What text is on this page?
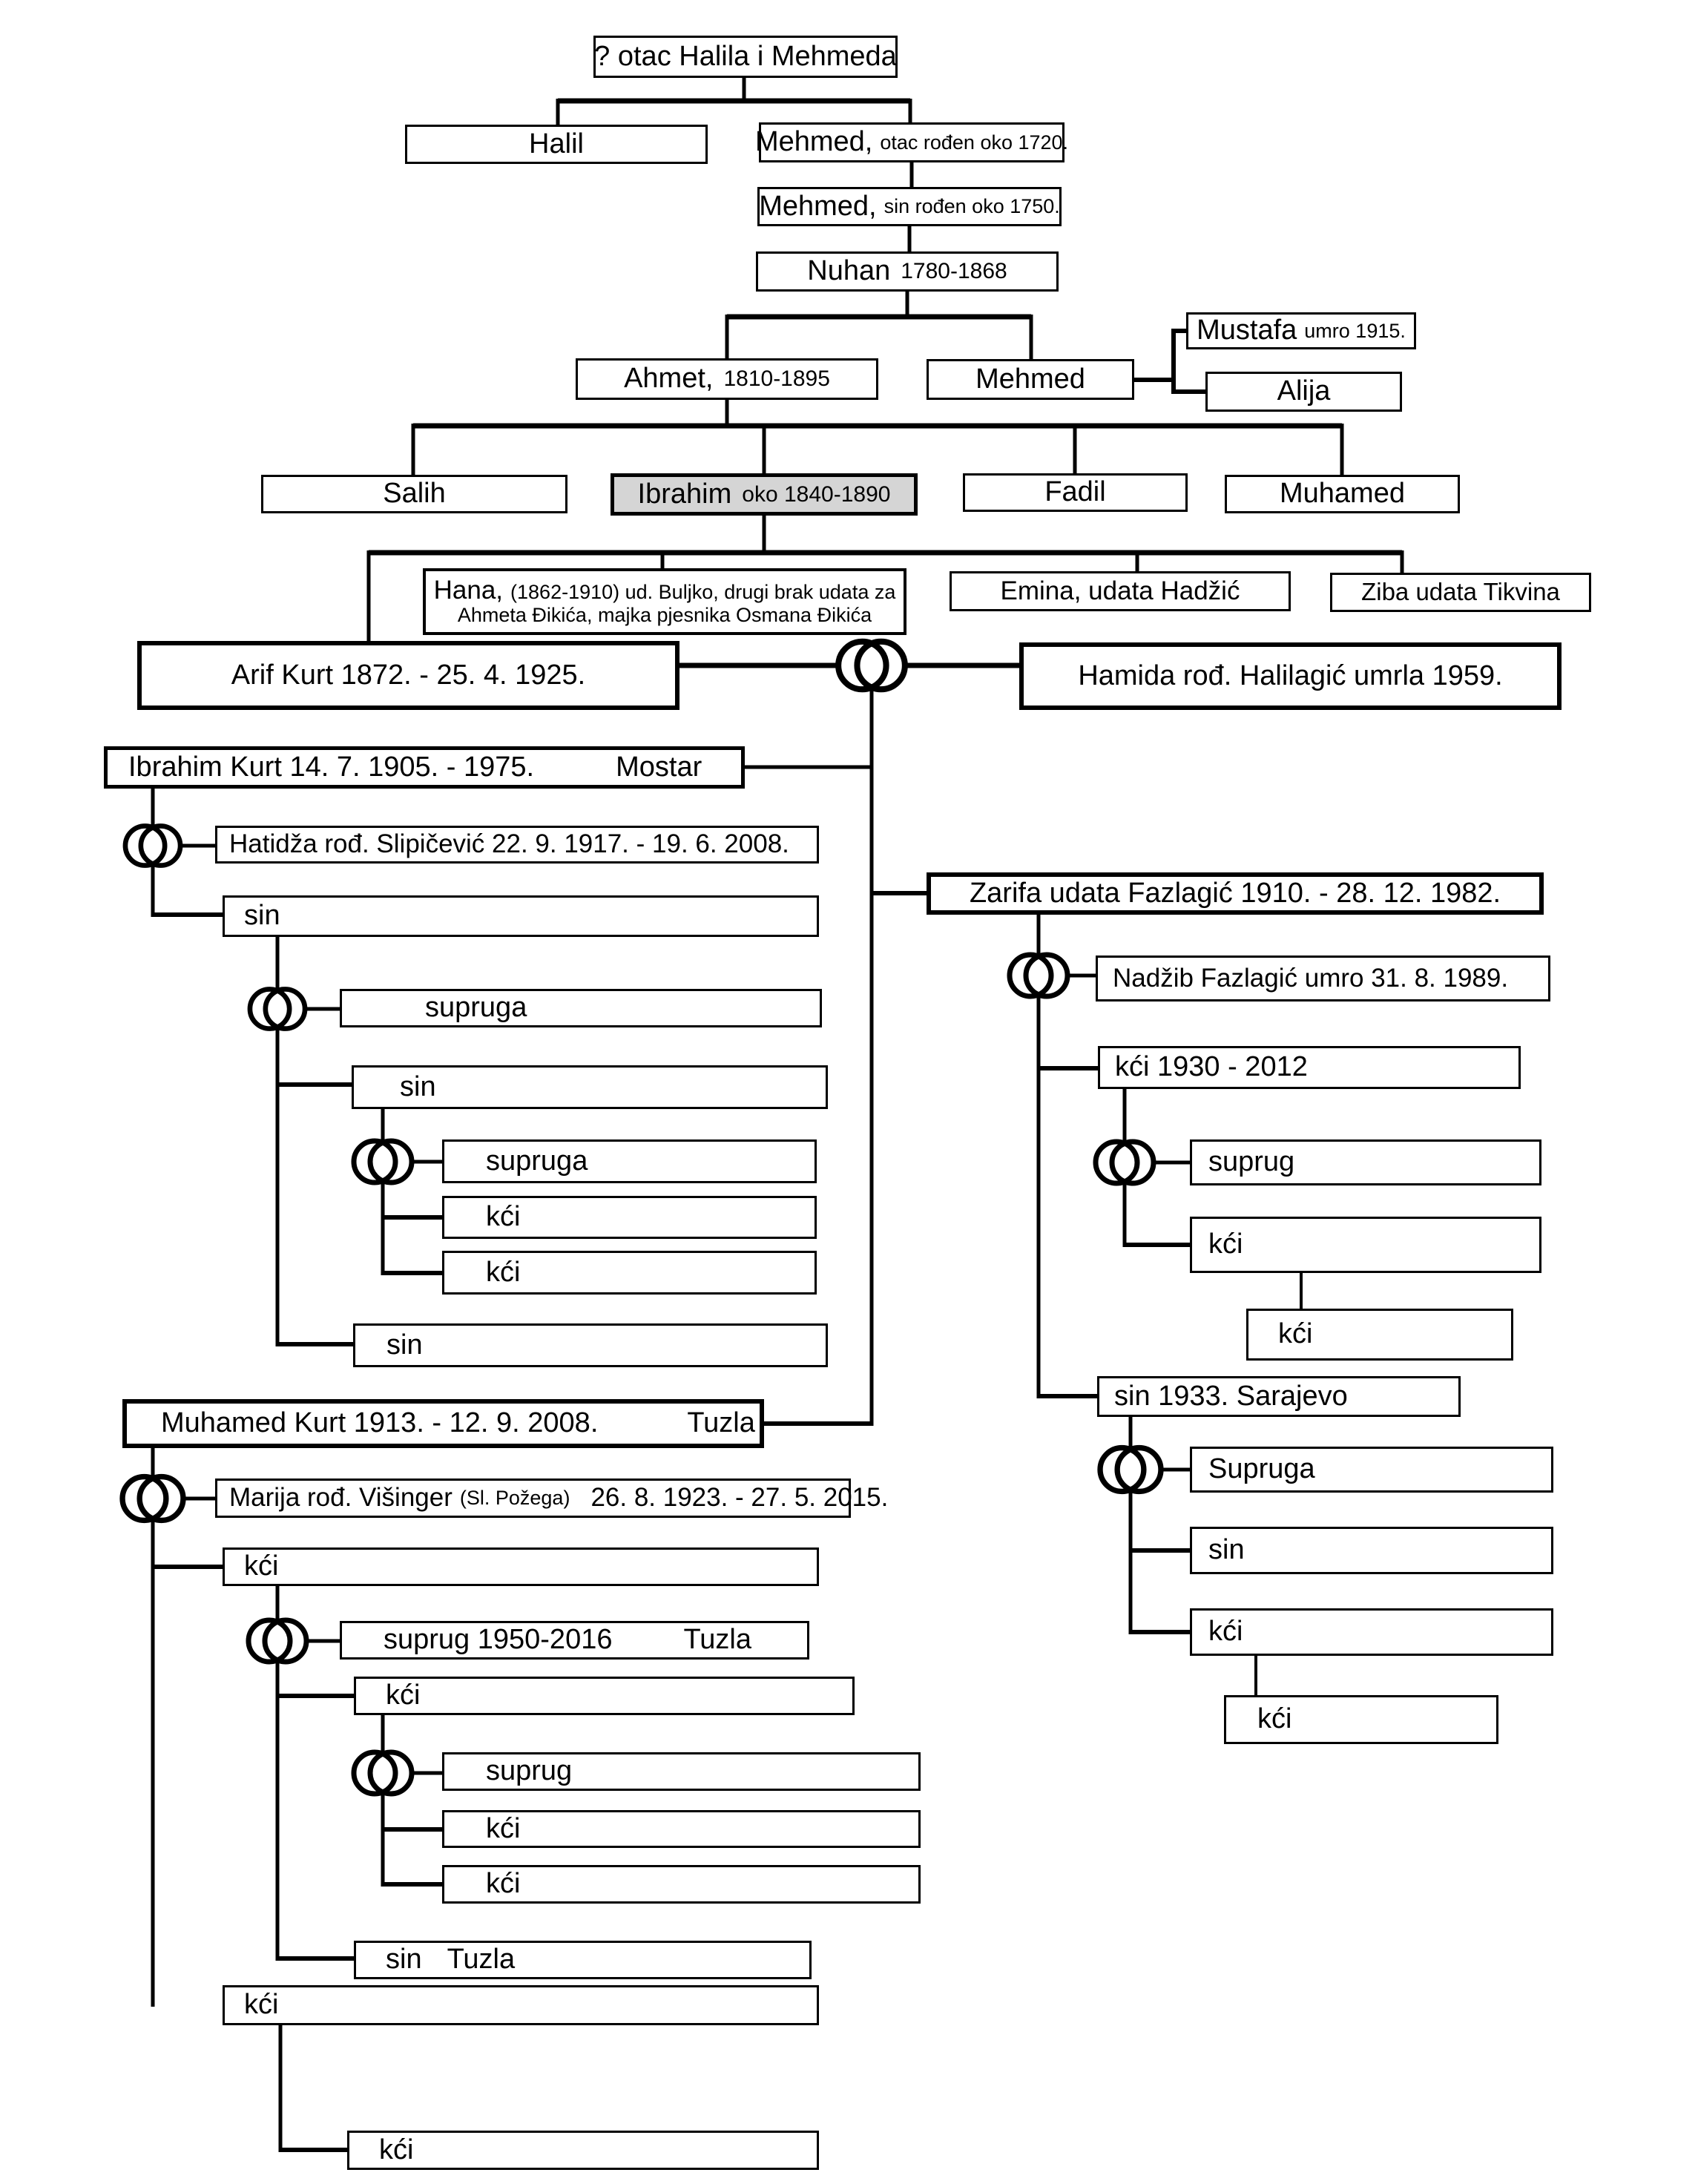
? otac Halila i Mehmeda
Halil	Mehmed, otac rođen oko 1720.
Mehmed, sin rođen oko 1750.
Nuhan 1780-1868
Mustafa umro 1915.
Ahmet, 1810-1895	Mehmed	Alija
Salih	Ibrahim oko 1840-1890	Fadil	Muhamed
Hana, (1862-1910) ud. Buljko, drugi brak udata za
Ahmeta Đikića, majka pjesnika Osmana Đikića
Emina, udata Hadžić	Ziba udata Tikvina
Arif Kurt 1872. - 25. 4. 1925.	Hamida rođ. Halilagić umrla 1959.
Ibrahim Kurt 14. 7. 1905. - 1975.	Mostar
Hatidža rođ. Slipičević 22. 9. 1917. - 19. 6. 2008.
sin
supruga
sin
supruga
kći
kći
sin
Muhamed Kurt 1913. - 12. 9. 2008.	Tuzla
Marija rođ. Višinger (Sl. Požega) 26. 8. 1923. - 27. 5. 2015.
kći
suprug 1950-2016	Tuzla
kći
suprug
kći
kći
sin Tuzla
kći
kći
Zarifa udata Fazlagić 1910. - 28. 12. 1982.
Nadžib Fazlagić umro 31. 8. 1989.
kći 1930 - 2012
suprug
kći
kći
sin 1933. Sarajevo
Supruga
sin
kći
kći
